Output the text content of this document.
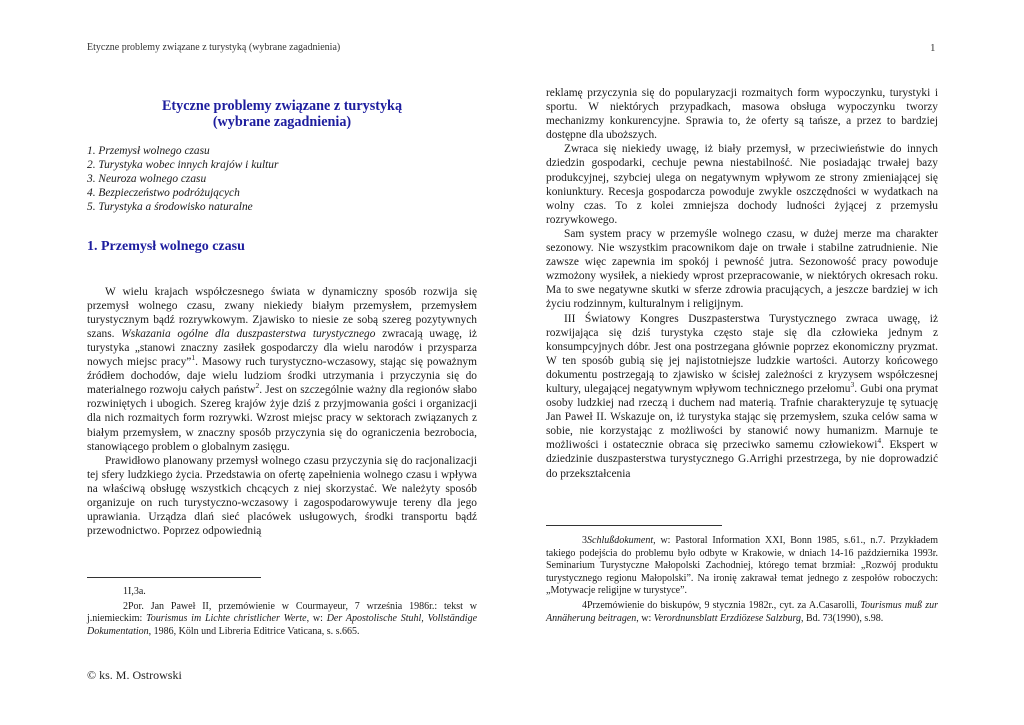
Etyczne problemy związane z turystyką (wybrane zagadnienia)	1
Etyczne problemy związane z turystyką
(wybrane zagadnienia)
1. Przemysł wolnego czasu
2. Turystyka wobec innych krajów i kultur
3. Neuroza wolnego czasu
4. Bezpieczeństwo podróżujących
5. Turystyka a środowisko naturalne
1. Przemysł wolnego czasu

W wielu krajach współczesnego świata w dynamiczny sposób rozwija się przemysł wolnego czasu, zwany niekiedy białym przemysłem, przemysłem turystycznym bądź rozrywkowym. Zjawisko to niesie ze sobą szereg pozytywnych szans. Wskazania ogólne dla duszpasterstwa turystycznego zwracają uwagę, iż turystyka „stanowi znaczny zasiłek gospodarczy dla wielu narodów i przysparza nowych miejsc pracy”$^1$. Masowy ruch turystyczno-wczasowy, stając się poważnym źródłem dochodów, daje wielu ludziom środki utrzymania i przyczynia się do materialnego rozwoju całych państw$^2$. Jest on szczególnie ważny dla regionów słabo rozwiniętych i ubogich. Szereg krajów żyje dziś z przyjmowania gości i organizacji dla nich rozmaitych form rozrywki. Wzrost miejsc pracy w sektorach związanych z białym przemysłem, w znaczny sposób przyczynia się do ograniczenia bezrobocia, stanowiącego problem o globalnym zasięgu.

Prawidłowo planowany przemysł wolnego czasu przyczynia się do racjonalizacji tej sfery ludzkiego życia. Przedstawia on ofertę zapełnienia wolnego czasu i wpływa na właściwą obsługę wszystkich chcących z niej skorzystać. We należyty sposób organizuje on ruch turystyczno-wczasowy i zagospodarowywuje tereny dla jego uprawiania. Urządza dlań sieć placówek usługowych, środki transportu bądź przewodnictwo. Poprzez odpowiednią

1I,3a.

2Por. Jan Paweł II, przemówienie w Courmayeur, 7 września 1986r.: tekst w j.niemieckim: Tourismus im Lichte christlicher Werte, w: Der Apostolische Stuhl, Vollständige Dokumentation, 1986, Köln und Libreria Editrice Vaticana, s. s.665.

reklamę przyczynia się do popularyzacji rozmaitych form wypoczynku, turystyki i sportu. W niektórych przypadkach, masowa obsługa wypoczynku tworzy mechanizmy konkurencyjne. Sprawia to, że oferty są tańsze, a przez to bardziej dostępne dla uboższych.

Zwraca się niekiedy uwagę, iż biały przemysł, w przeciwieństwie do innych dziedzin gospodarki, cechuje pewna niestabilność. Nie posiadając trwałej bazy produkcyjnej, szybciej ulega on negatywnym wpływom ze strony zmieniającej się koniunktury. Recesja gospodarcza powoduje zwykle oszczędności w wydatkach na wolny czas. To z kolei zmniejsza dochody ludności żyjącej z przemysłu rozrywkowego.

Sam system pracy w przemyśle wolnego czasu, w dużej merze ma charakter sezonowy. Nie wszystkim pracownikom daje on trwałe i stabilne zatrudnienie. Nie zawsze więc zapewnia im spokój i pewność jutra. Sezonowość pracy powoduje wzmożony wysiłek, a niekiedy wprost przepracowanie, w niektórych okresach roku. Ma to swe negatywne skutki w sferze zdrowia pracujących, a jeszcze bardziej w ich życiu rodzinnym, kulturalnym i religijnym.

III Światowy Kongres Duszpasterstwa Turystycznego zwraca uwagę, iż rozwijająca się dziś turystyka często staje się dla człowieka jednym z konsumpcyjnych dóbr. Jest ona postrzegana głównie poprzez ekonomiczny pryzmat. W ten sposób gubią się jej najistotniejsze ludzkie wartości. Autorzy końcowego dokumentu postrzegają to zjawisko w ścisłej zależności z kryzysem współczesnej kultury, ulegającej negatywnym wpływom technicznego przełomu$^3$. Gubi ona prymat osoby ludzkiej nad rzeczą i duchem nad materią. Trafnie charakteryzuje tę sytuację Jan Paweł II. Wskazuje on, iż turystyka stając się przemysłem, szuka celów sama w sobie, nie korzystając z możliwości by stanowić nowy humanizm. Marnuje te możliwości i ostatecznie obraca się przeciwko samemu człowiekowi$^4$. Ekspert w dziedzinie duszpasterstwa turystycznego G.Arrighi przestrzega, by nie doprowadzić do przekształcenia

3Schlußdokument, w: Pastoral Information XXI, Bonn 1985, s.61., n.7. Przykładem takiego podejścia do problemu było odbyte w Krakowie, w dniach 14-16 października 1993r. Seminarium Turystyczne Małopolski Zachodniej, którego temat brzmiał: „Rozwój produktu turystycznego regionu Małopolski”. Na ironię zakrawał temat jednego z zespołów roboczych: „Motywacje religijne w turystyce”.

4Przemówienie do biskupów, 9 stycznia 1982r., cyt. za A.Casarolli, Tourismus muß zur Annäherung beitragen, w: Verordnunsblatt Erzdiözese Salzburg, Bd. 73(1990), s.98.

© ks. M. Ostrowski
